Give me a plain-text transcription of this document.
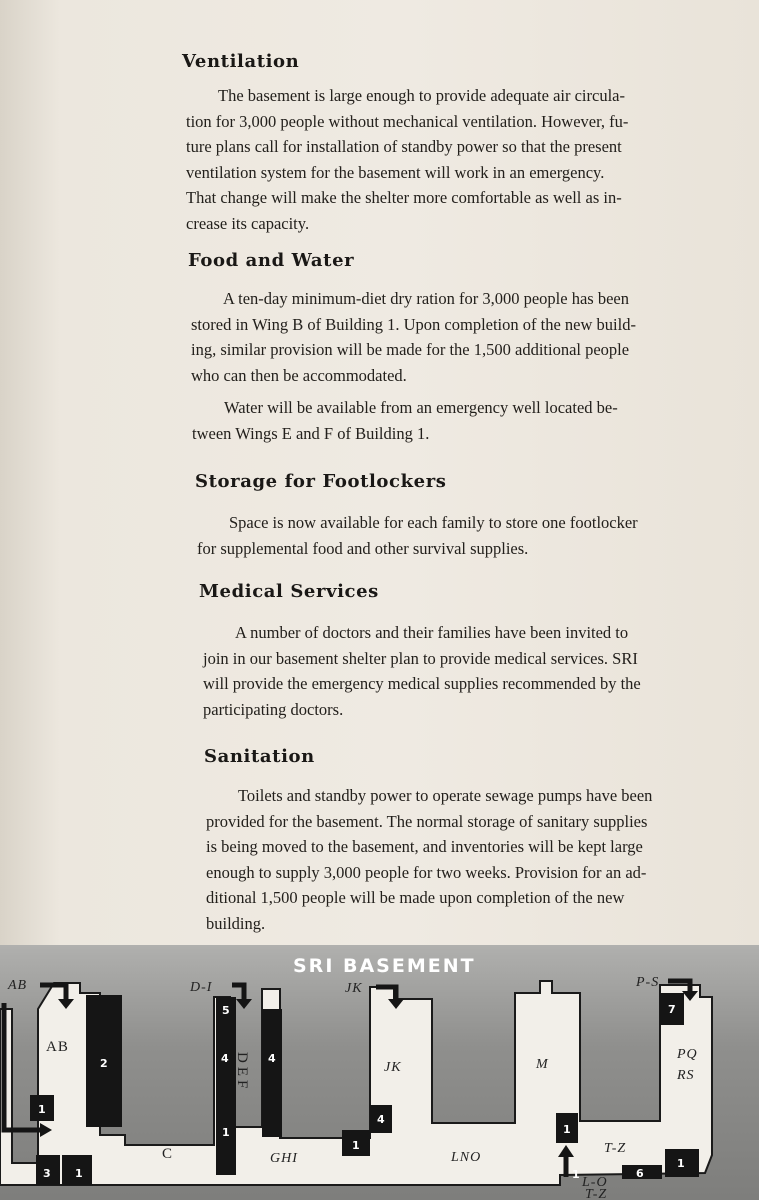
Ventilation

The basement is large enough to provide adequate air circula-
tion for 3,000 people without mechanical ventilation. However, fu-
ture plans call for installation of standby power so that the present
ventilation system for the basement will work in an emergency.
That change will make the shelter more comfortable as well as in-
crease its capacity.

Food and Water

A ten-day minimum-diet dry ration for 3,000 people has been
stored in Wing B of Building 1. Upon completion of the new build-
ing, similar provision will be made for the 1,500 additional people
who can then be accommodated.

Water will be available from an emergency well located be-
tween Wings E and F of Building 1.

Storage for Footlockers

Space is now available for each family to store one footlocker
for supplemental food and other survival supplies.

Medical Services

A number of doctors and their families have been invited to
join in our basement shelter plan to provide medical services. SRI
will provide the emergency medical supplies recommended by the
participating doctors.

Sanitation

Toilets and standby power to operate sewage pumps have been
provided for the basement. The normal storage of sanitary supplies
is being moved to the basement, and inventories will be kept large
enough to supply 3,000 people for two weeks. Provision for an ad-
ditional 1,500 people will be made upon completion of the new
building.

SRI BASEMENT
AB	D-I	JK	P-S
AB
DEF	JK	M
PQ
RS
C	GHI	LNO
T-Z
L-O
T-Z
5
2	4	4
4
1
1
1
3 1
1
1
7
6
1
